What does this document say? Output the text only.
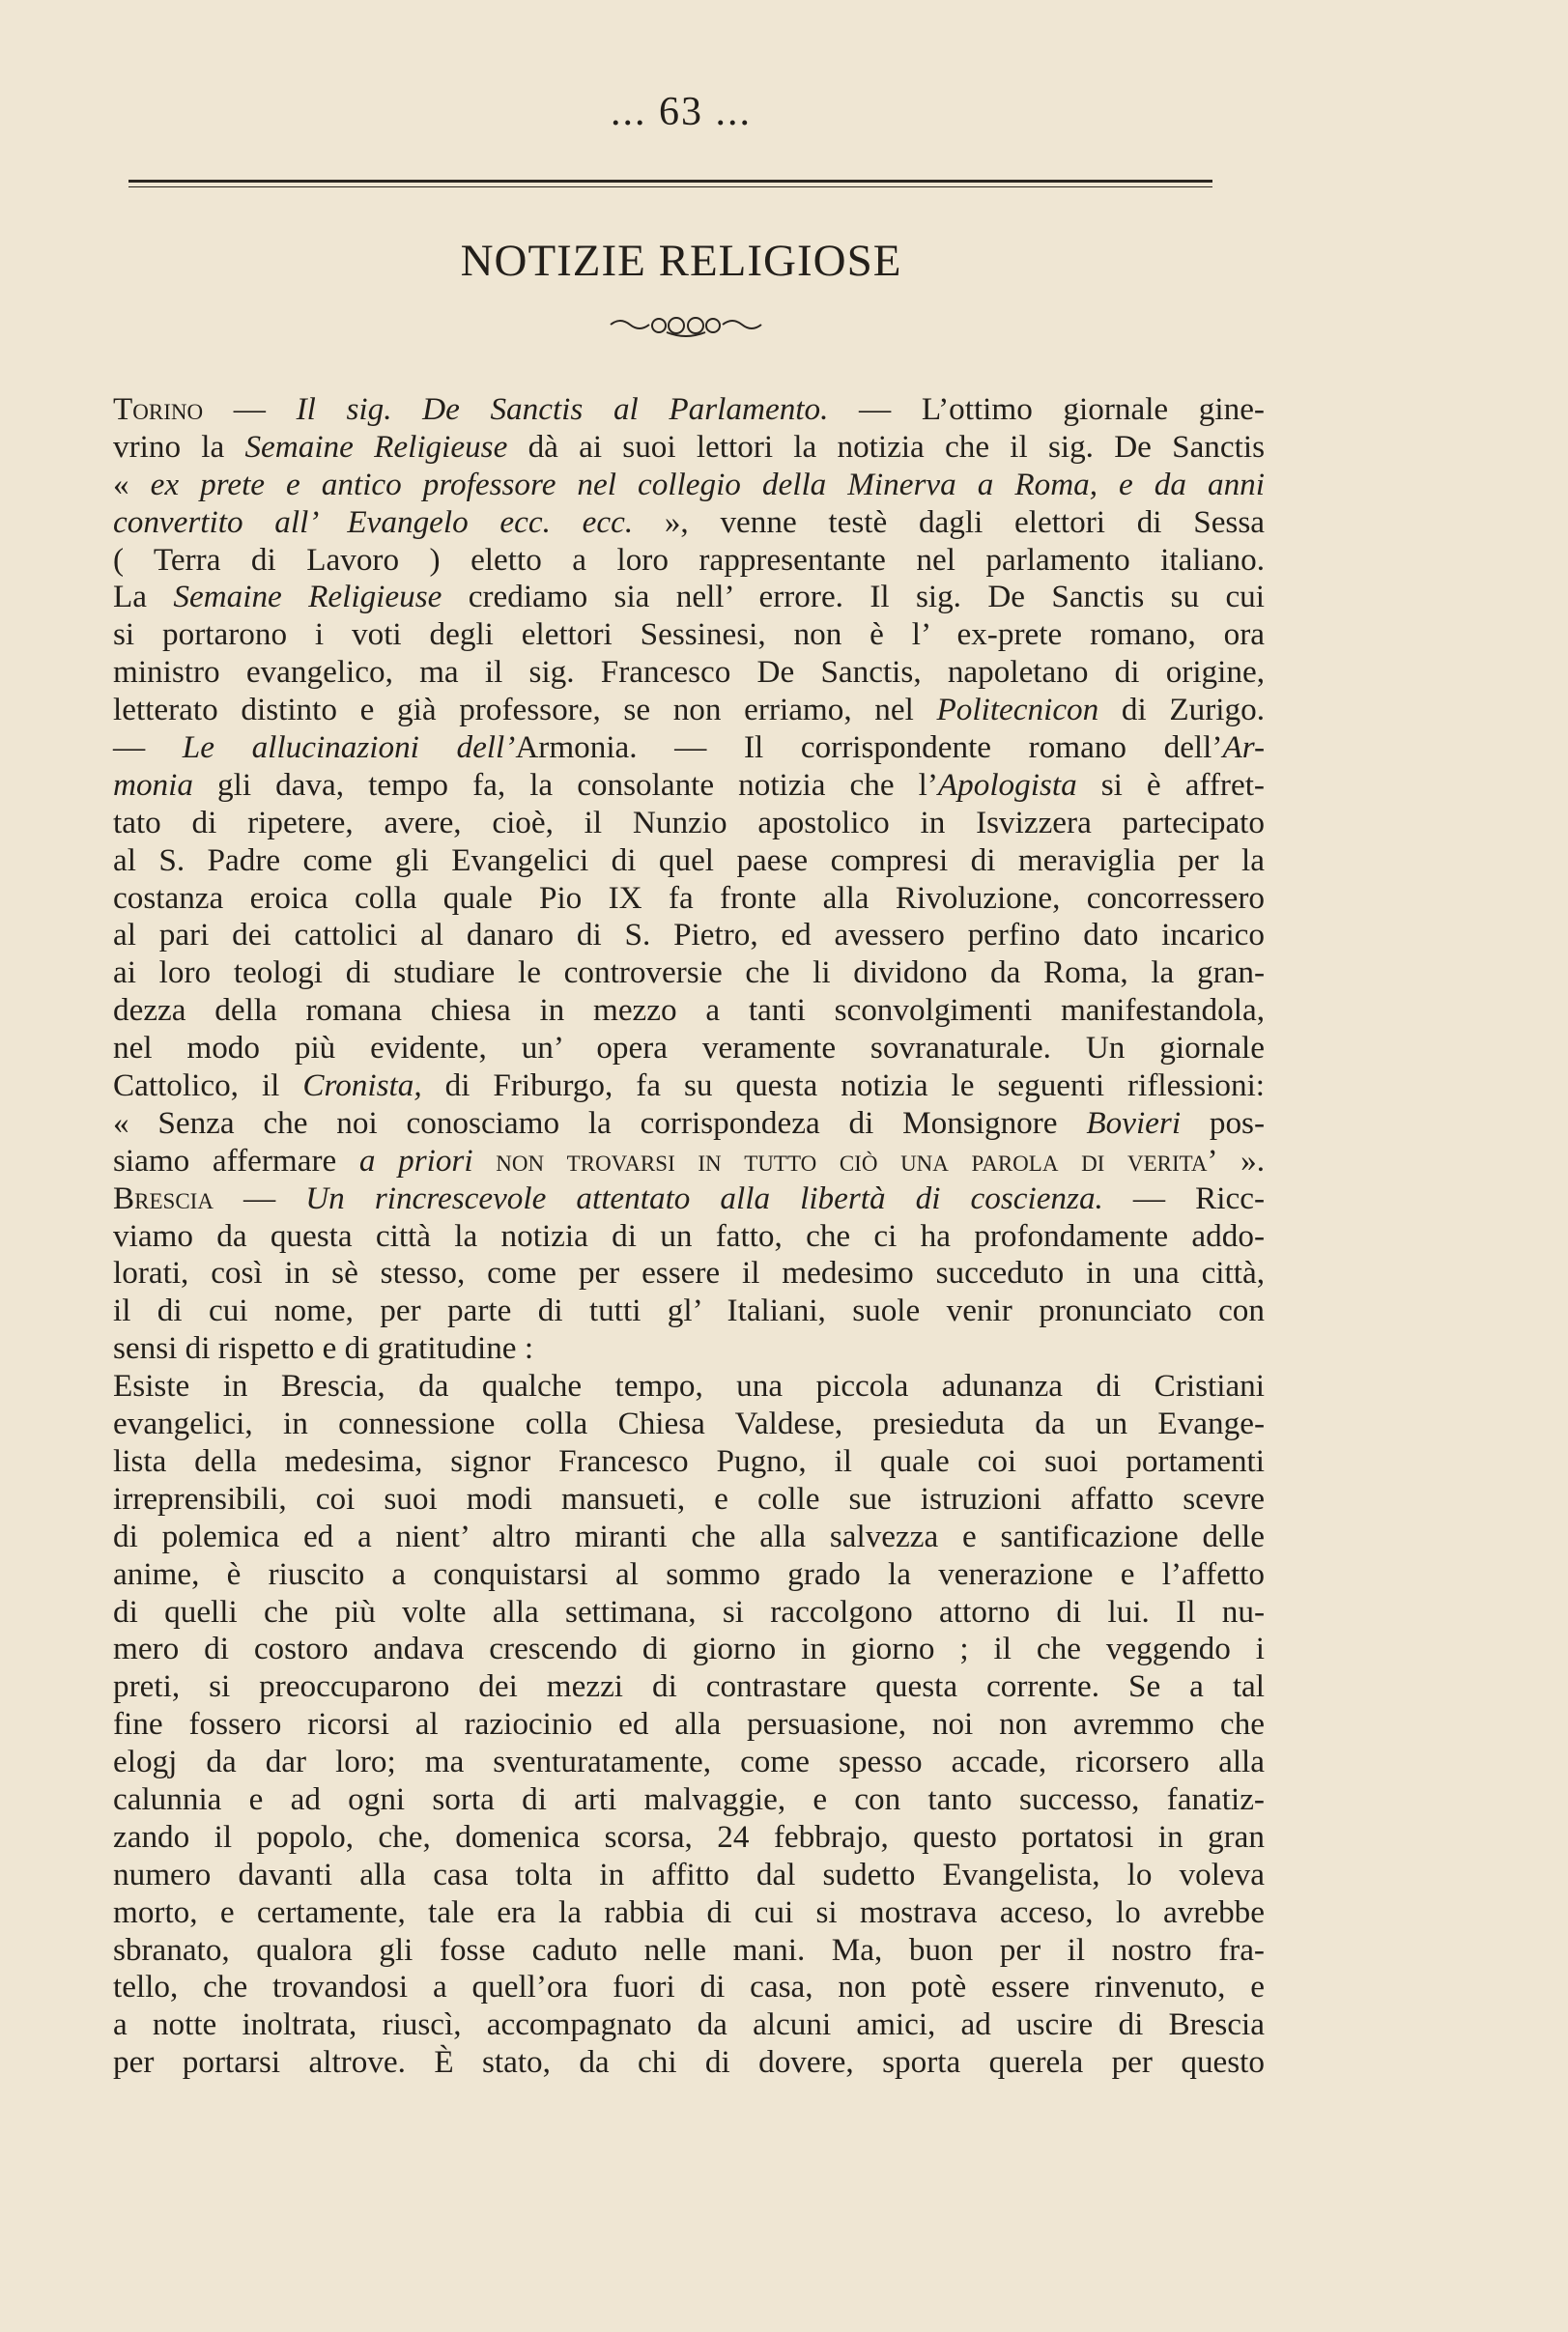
... 63 ...
NOTIZIE RELIGIOSE
Torino — Il sig. De Sanctis al Parlamento. — L’ottimo giornale gine-
vrino la Semaine Religieuse dà ai suoi lettori la notizia che il sig. De Sanctis
« ex prete e antico professore nel collegio della Minerva a Roma, e da anni
convertito all’ Evangelo ecc. ecc. », venne testè dagli elettori di Sessa
( Terra di Lavoro ) eletto a loro rappresentante nel parlamento italiano.
La Semaine Religieuse crediamo sia nell’ errore. Il sig. De Sanctis su cui
si portarono i voti degli elettori Sessinesi, non è l’ ex-prete romano, ora
ministro evangelico, ma il sig. Francesco De Sanctis, napoletano di origine,
letterato distinto e già professore, se non erriamo, nel Politecnicon di Zurigo.
— Le allucinazioni dell’Armonia. — Il corrispondente romano dell’Ar-
monia gli dava, tempo fa, la consolante notizia che l’Apologista si è affret-
tato di ripetere, avere, cioè, il Nunzio apostolico in Isvizzera partecipato
al S. Padre come gli Evangelici di quel paese compresi di meraviglia per la
costanza eroica colla quale Pio IX fa fronte alla Rivoluzione, concorressero
al pari dei cattolici al danaro di S. Pietro, ed avessero perfino dato incarico
ai loro teologi di studiare le controversie che li dividono da Roma, la gran-
dezza della romana chiesa in mezzo a tanti sconvolgimenti manifestandola,
nel modo più evidente, un’ opera veramente sovranaturale. Un giornale
Cattolico, il Cronista, di Friburgo, fa su questa notizia le seguenti riflessioni:
« Senza che noi conosciamo la corrispondeza di Monsignore Bovieri pos-
siamo affermare a priori non trovarsi in tutto ciò una parola di verita’ ».
Brescia — Un rincrescevole attentato alla libertà di coscienza. — Ricc-
viamo da questa città la notizia di un fatto, che ci ha profondamente addo-
lorati, così in sè stesso, come per essere il medesimo succeduto in una città,
il di cui nome, per parte di tutti gl’ Italiani, suole venir pronunciato con
sensi di rispetto e di gratitudine :
Esiste in Brescia, da qualche tempo, una piccola adunanza di Cristiani
evangelici, in connessione colla Chiesa Valdese, presieduta da un Evange-
lista della medesima, signor Francesco Pugno, il quale coi suoi portamenti
irreprensibili, coi suoi modi mansueti, e colle sue istruzioni affatto scevre
di polemica ed a nient’ altro miranti che alla salvezza e santificazione delle
anime, è riuscito a conquistarsi al sommo grado la venerazione e l’affetto
di quelli che più volte alla settimana, si raccolgono attorno di lui. Il nu-
mero di costoro andava crescendo di giorno in giorno ; il che veggendo i
preti, si preoccuparono dei mezzi di contrastare questa corrente. Se a tal
fine fossero ricorsi al raziocinio ed alla persuasione, noi non avremmo che
elogj da dar loro; ma sventuratamente, come spesso accade, ricorsero alla
calunnia e ad ogni sorta di arti malvaggie, e con tanto successo, fanatiz-
zando il popolo, che, domenica scorsa, 24 febbrajo, questo portatosi in gran
numero davanti alla casa tolta in affitto dal sudetto Evangelista, lo voleva
morto, e certamente, tale era la rabbia di cui si mostrava acceso, lo avrebbe
sbranato, qualora gli fosse caduto nelle mani. Ma, buon per il nostro fra-
tello, che trovandosi a quell’ora fuori di casa, non potè essere rinvenuto, e
a notte inoltrata, riuscì, accompagnato da alcuni amici, ad uscire di Brescia
per portarsi altrove. È stato, da chi di dovere, sporta querela per questo
